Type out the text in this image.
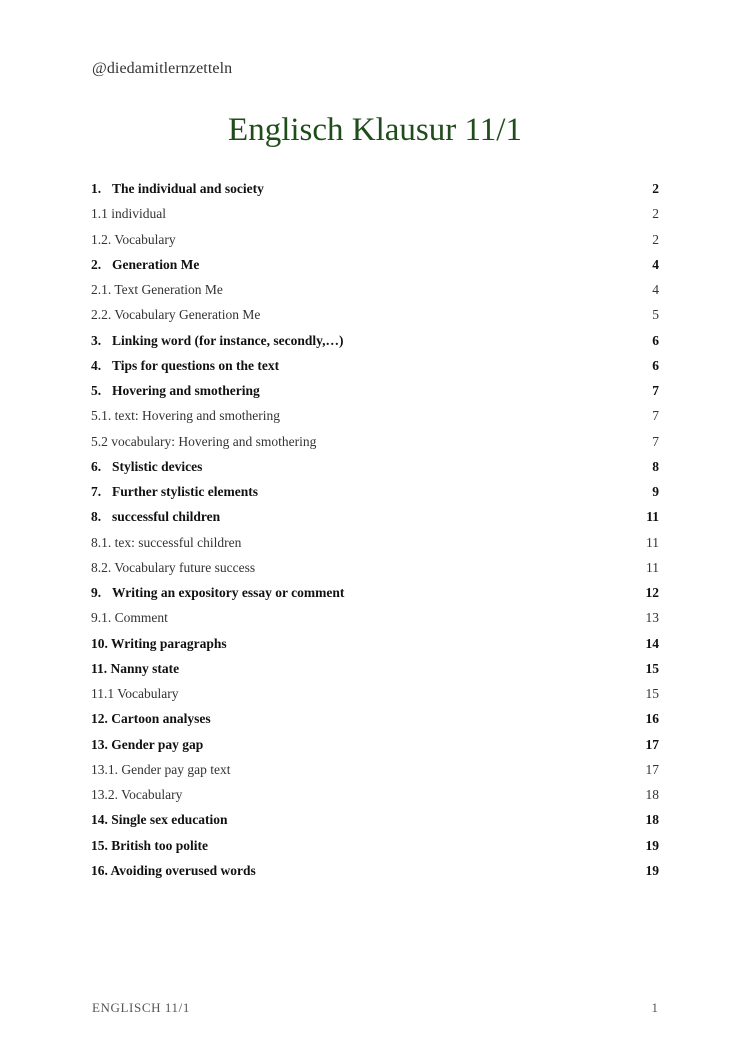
@diedamitlernzetteln
Englisch Klausur 11/1
1. The individual and society	2
1.1 individual	2
1.2. Vocabulary	2
2. Generation Me	4
2.1. Text Generation Me	4
2.2. Vocabulary Generation Me	5
3. Linking word (for instance, secondly,…)	6
4. Tips for questions on the text	6
5. Hovering and smothering	7
5.1. text: Hovering and smothering	7
5.2 vocabulary: Hovering and smothering	7
6. Stylistic devices	8
7. Further stylistic elements	9
8. successful children	11
8.1. tex: successful children	11
8.2. Vocabulary future success	11
9. Writing an expository essay or comment	12
9.1. Comment	13
10. Writing paragraphs	14
11. Nanny state	15
11.1 Vocabulary	15
12. Cartoon analyses	16
13. Gender pay gap	17
13.1. Gender pay gap text	17
13.2. Vocabulary	18
14. Single sex education	18
15. British too polite	19
16. Avoiding overused words	19
ENGLISCH 11/1	1
